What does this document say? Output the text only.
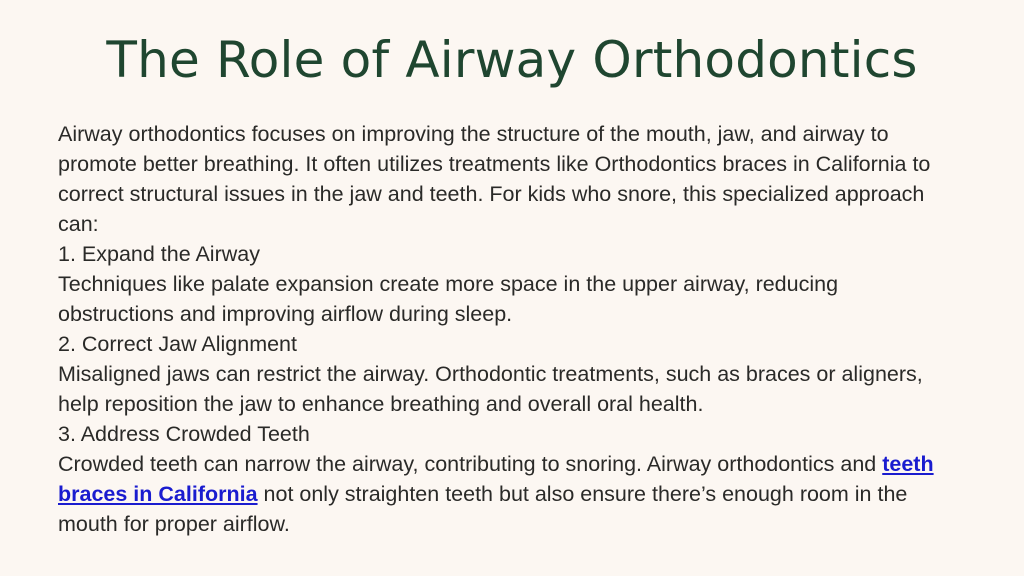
The Role of Airway Orthodontics

Airway orthodontics focuses on improving the structure of the mouth, jaw, and airway to promote better breathing. It often utilizes treatments like Orthodontics braces in California to correct structural issues in the jaw and teeth. For kids who snore, this specialized approach can:

1. Expand the Airway

Techniques like palate expansion create more space in the upper airway, reducing obstructions and improving airflow during sleep.

2. Correct Jaw Alignment

Misaligned jaws can restrict the airway. Orthodontic treatments, such as braces or aligners, help reposition the jaw to enhance breathing and overall oral health.

3. Address Crowded Teeth

Crowded teeth can narrow the airway, contributing to snoring. Airway orthodontics and teeth braces in California not only straighten teeth but also ensure there’s enough room in the mouth for proper airflow.
